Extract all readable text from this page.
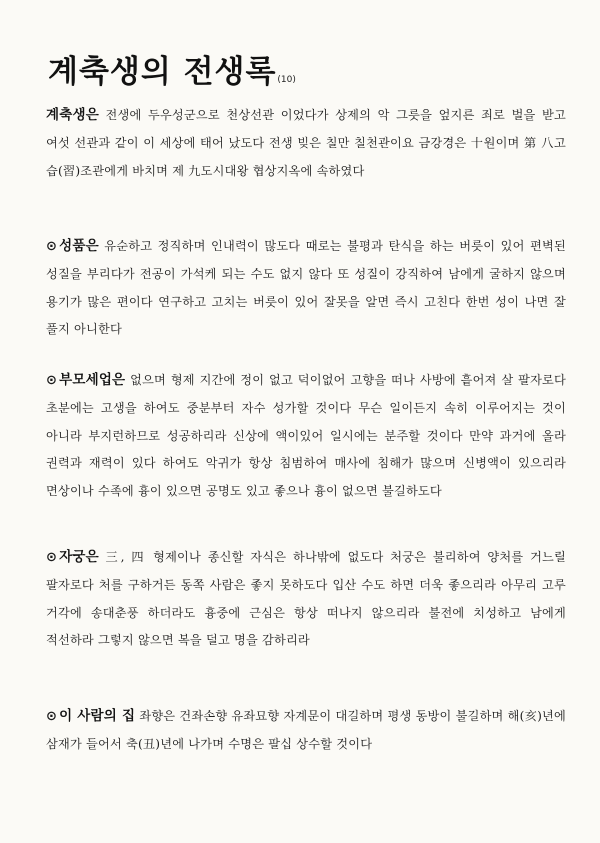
계축생의 전생록(10)

계축생은 전생에 두우성군으로 천상선관 이었다가 상제의 악 그릇을 엎지른 죄로 벌을 받고 여섯 선관과 같이 이 세상에 태어 났도다 전생 빚은 칠만 칠천관이요 금강경은 十원이며 第 八고 습(習)조관에게 바치며 제 九도시대왕 협상지옥에 속하였다

⊙ 성품은 유순하고 정직하며 인내력이 많도다 때로는 불평과 탄식을 하는 버릇이 있어 편벽된 성질을 부리다가 전공이 가석케 되는 수도 없지 않다 또 성질이 강직하여 남에게 굴하지 않으며 용기가 많은 편이다 연구하고 고치는 버릇이 있어 잘못을 알면 즉시 고친다 한번 성이 나면 잘 풀지 아니한다

⊙ 부모세업은 없으며 형제 지간에 정이 없고 덕이없어 고향을 떠나 사방에 흩어져 살 팔자로다 초분에는 고생을 하여도 중분부터 자수 성가할 것이다 무슨 일이든지 속히 이루어지는 것이 아니라 부지런하므로 성공하리라 신상에 액이있어 일시에는 분주할 것이다 만약 과거에 올라 권력과 재력이 있다 하여도 악귀가 항상 침범하여 매사에 침해가 많으며 신병액이 있으리라 면상이나 수족에 흉이 있으면 공명도 있고 좋으나 흉이 없으면 불길하도다

⊙ 자궁은 三, 四 형제이나 종신할 자식은 하나밖에 없도다 처궁은 불리하여 양처를 거느릴 팔자로다 처를 구하거든 동쪽 사람은 좋지 못하도다 입산 수도 하면 더욱 좋으리라 아무리 고루 거각에 송대춘풍 하더라도 흉중에 근심은 항상 떠나지 않으리라 불전에 치성하고 남에게 적선하라 그렇지 않으면 복을 덜고 명을 감하리라

⊙ 이 사람의 집 좌향은 건좌손향 유좌묘향 자계문이 대길하며 평생 동방이 불길하며 해(亥)년에 삼재가 들어서 축(丑)년에 나가며 수명은 팔십 상수할 것이다
